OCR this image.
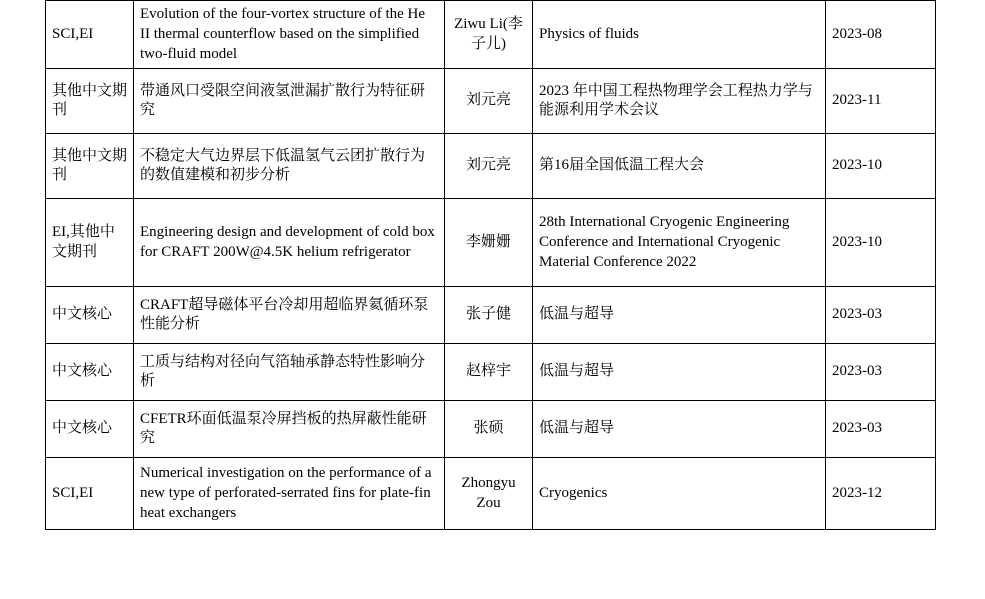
SCI,EI	Evolution of the four-vortex structure of the He II thermal counterflow based on the simplified two-fluid model	Ziwu Li(李子儿)	Physics of fluids	2023-08
其他中文期刊	带通风口受限空间液氢泄漏扩散行为特征研究	刘元亮	2023 年中国工程热物理学会工程热力学与能源利用学术会议	2023-11
其他中文期刊	不稳定大气边界层下低温氢气云团扩散行为的数值建模和初步分析	刘元亮	第16届全国低温工程大会	2023-10
EI,其他中文期刊	Engineering design and development of cold box for CRAFT 200W@4.5K helium refrigerator	李姗姗	28th International Cryogenic Engineering Conference and International Cryogenic Material Conference 2022	2023-10
中文核心	CRAFT超导磁体平台冷却用超临界氦循环泵性能分析	张子健	低温与超导	2023-03
中文核心	工质与结构对径向气箔轴承静态特性影响分析	赵梓宇	低温与超导	2023-03
中文核心	CFETR环面低温泵冷屏挡板的热屏蔽性能研究	张硕	低温与超导	2023-03
SCI,EI	Numerical investigation on the performance of a new type of perforated-serrated fins for plate-fin heat exchangers	Zhongyu Zou	Cryogenics	2023-12
